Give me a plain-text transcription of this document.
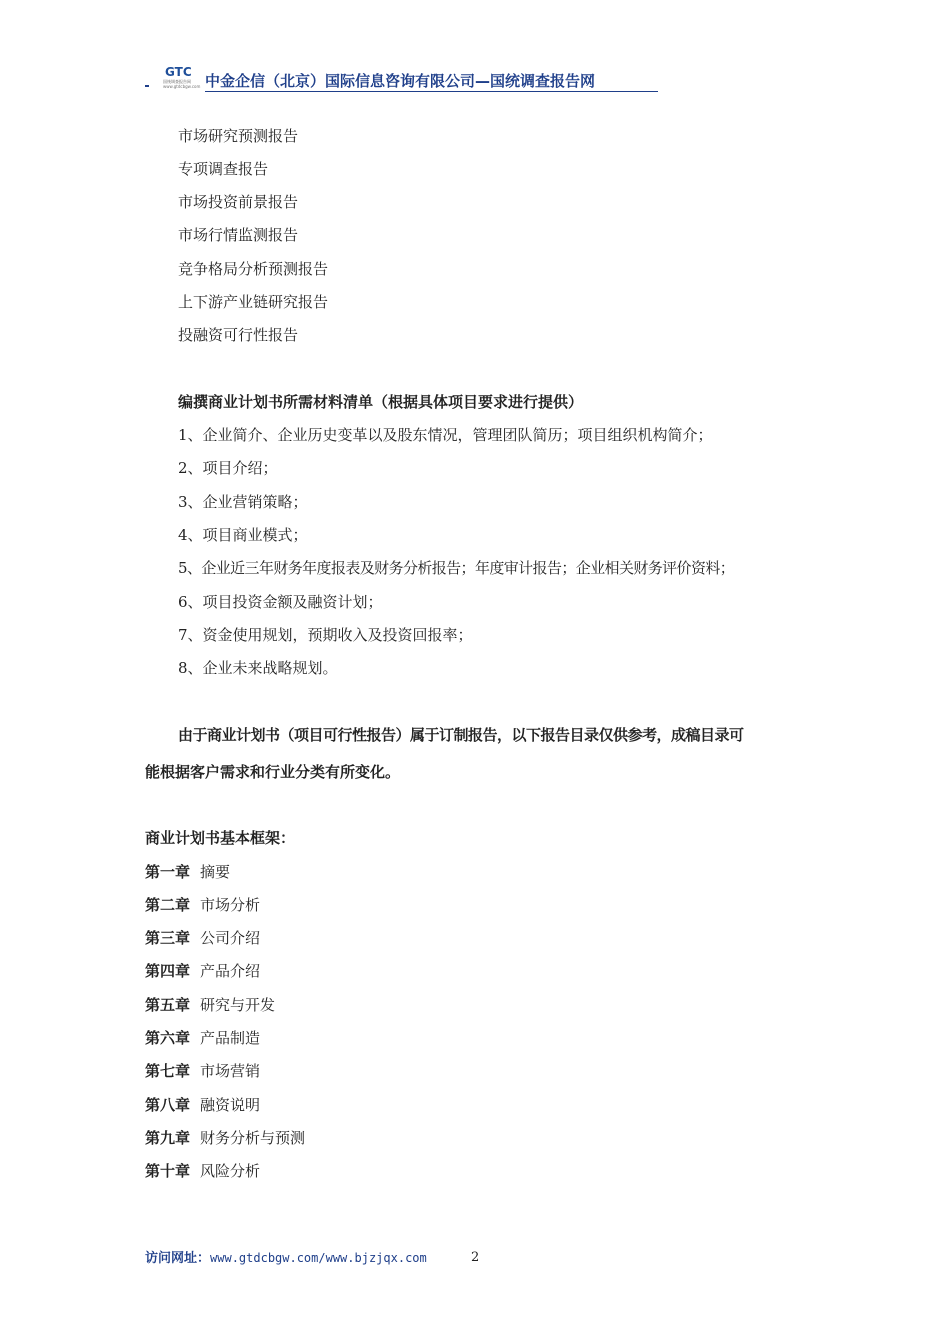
GTC
国统调查报告网
www.gtdcbgw.com 中金企信（北京）国际信息咨询有限公司—国统调查报告网
市场研究预测报告
专项调查报告
市场投资前景报告
市场行情监测报告
竞争格局分析预测报告
上下游产业链研究报告
投融资可行性报告
编撰商业计划书所需材料清单（根据具体项目要求进行提供）
1、企业简介、企业历史变革以及股东情况，管理团队简历；项目组织机构简介；
2、项目介绍；
3、企业营销策略；
4、项目商业模式；
5、企业近三年财务年度报表及财务分析报告；年度审计报告；企业相关财务评价资料；
6、项目投资金额及融资计划；
7、资金使用规划，预期收入及投资回报率；
8、企业未来战略规划。
由于商业计划书（项目可行性报告）属于订制报告，以下报告目录仅供参考，成稿目录可
能根据客户需求和行业分类有所变化。
商业计划书基本框架：
第一章 摘要
第二章 市场分析
第三章 公司介绍
第四章 产品介绍
第五章 研究与开发
第六章 产品制造
第七章 市场营销
第八章 融资说明
第九章 财务分析与预测
第十章 风险分析
访问网址：www.gtdcbgw.com/www.bjzjqx.com	2
